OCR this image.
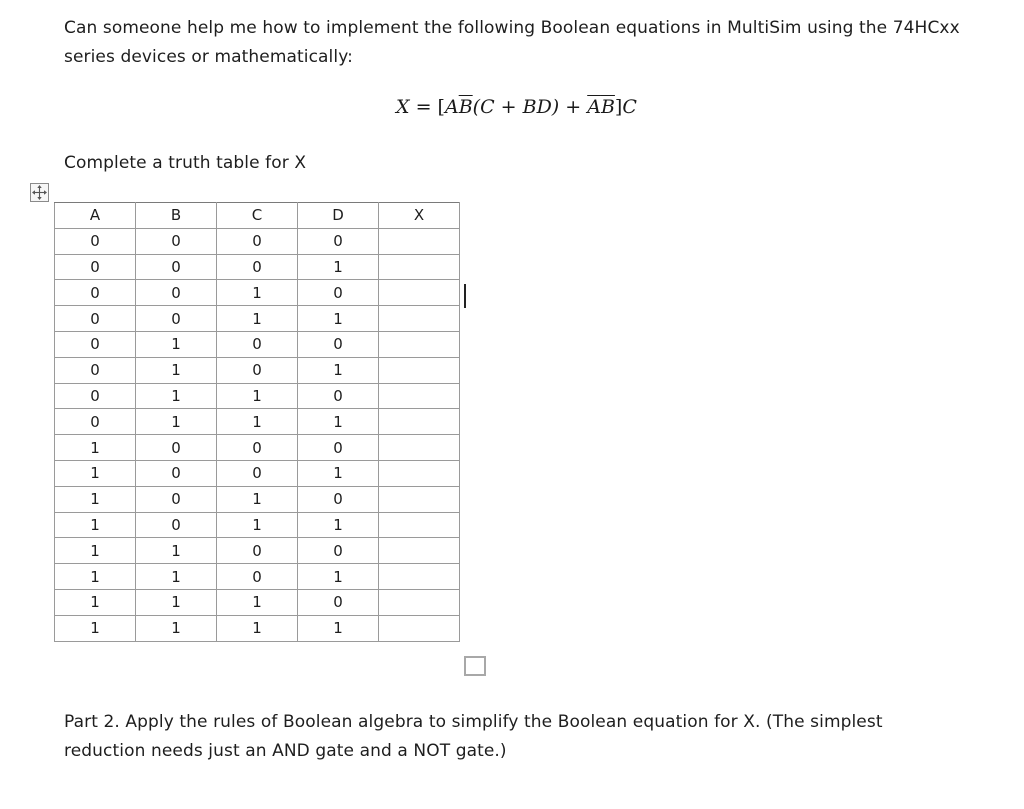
Can someone help me how to implement the following Boolean equations in MultiSim using the 74HCxx
series devices or mathematically:

$X = [A\overline{B}(C + BD) + \overline{A}\overline{B}]C$

Complete a truth table for X

A	B	C	D	X
0	0	0	0	
0	0	0	1	
0	0	1	0	
0	0	1	1	
0	1	0	0	
0	1	0	1	
0	1	1	0	
0	1	1	1	
1	0	0	0	
1	0	0	1	
1	0	1	0	
1	0	1	1	
1	1	0	0	
1	1	0	1	
1	1	1	0	
1	1	1	1	

Part 2. Apply the rules of Boolean algebra to simplify the Boolean equation for X. (The simplest
reduction needs just an AND gate and a NOT gate.)
